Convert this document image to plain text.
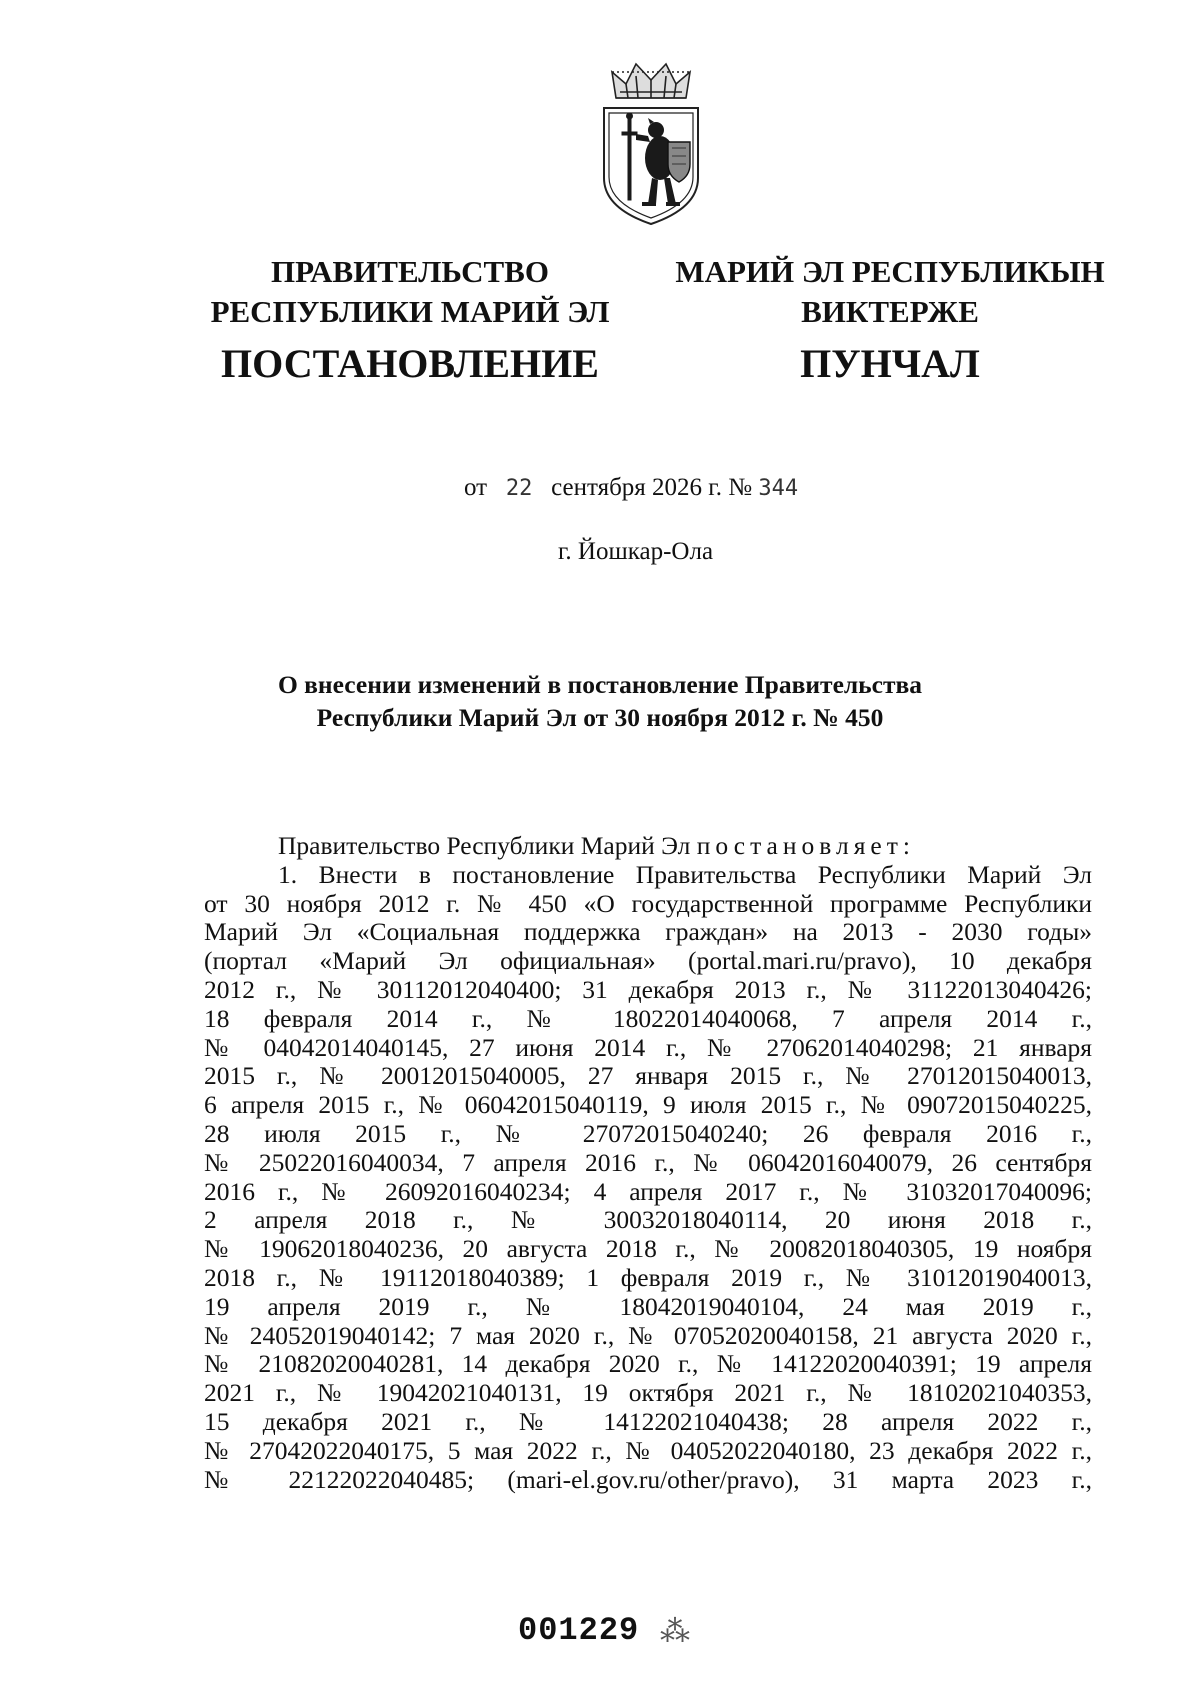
ПРАВИТЕЛЬСТВО
РЕСПУБЛИКИ МАРИЙ ЭЛ
МАРИЙ ЭЛ РЕСПУБЛИКЫН
ВИКТЕРЖЕ
ПОСТАНОВЛЕНИЕ	ПУНЧАЛ
от 22 сентября 2026 г. № 344
г. Йошкар-Ола
О внесении изменений в постановление Правительства
Республики Марий Эл от 30 ноября 2012 г. № 450
Правительство Республики Марий Эл постановляет:
1. Внести в постановление Правительства Республики Марий Эл
от 30 ноября 2012 г. № 450 «О государственной программе Республики
Марий Эл «Социальная поддержка граждан» на 2013 - 2030 годы»
(портал «Марий Эл официальная» (portal.mari.ru/pravo), 10 декабря
2012 г., № 30112012040400; 31 декабря 2013 г., № 31122013040426;
18 февраля 2014 г., № 18022014040068, 7 апреля 2014 г.,
№ 04042014040145, 27 июня 2014 г., № 27062014040298; 21 января
2015 г., № 20012015040005, 27 января 2015 г., № 27012015040013,
6 апреля 2015 г., № 06042015040119, 9 июля 2015 г., № 09072015040225,
28 июля 2015 г., № 27072015040240; 26 февраля 2016 г.,
№ 25022016040034, 7 апреля 2016 г., № 06042016040079, 26 сентября
2016 г., № 26092016040234; 4 апреля 2017 г., № 31032017040096;
2 апреля 2018 г., № 30032018040114, 20 июня 2018 г.,
№ 19062018040236, 20 августа 2018 г., № 20082018040305, 19 ноября
2018 г., № 19112018040389; 1 февраля 2019 г., № 31012019040013,
19 апреля 2019 г., № 18042019040104, 24 мая 2019 г.,
№ 24052019040142; 7 мая 2020 г., № 07052020040158, 21 августа 2020 г.,
№ 21082020040281, 14 декабря 2020 г., № 14122020040391; 19 апреля
2021 г., № 19042021040131, 19 октября 2021 г., № 18102021040353,
15 декабря 2021 г., № 14122021040438; 28 апреля 2022 г.,
№ 27042022040175, 5 мая 2022 г., № 04052022040180, 23 декабря 2022 г.,
№ 22122022040485; (mari-el.gov.ru/other/pravo), 31 марта 2023 г.,
001229 ⁂
